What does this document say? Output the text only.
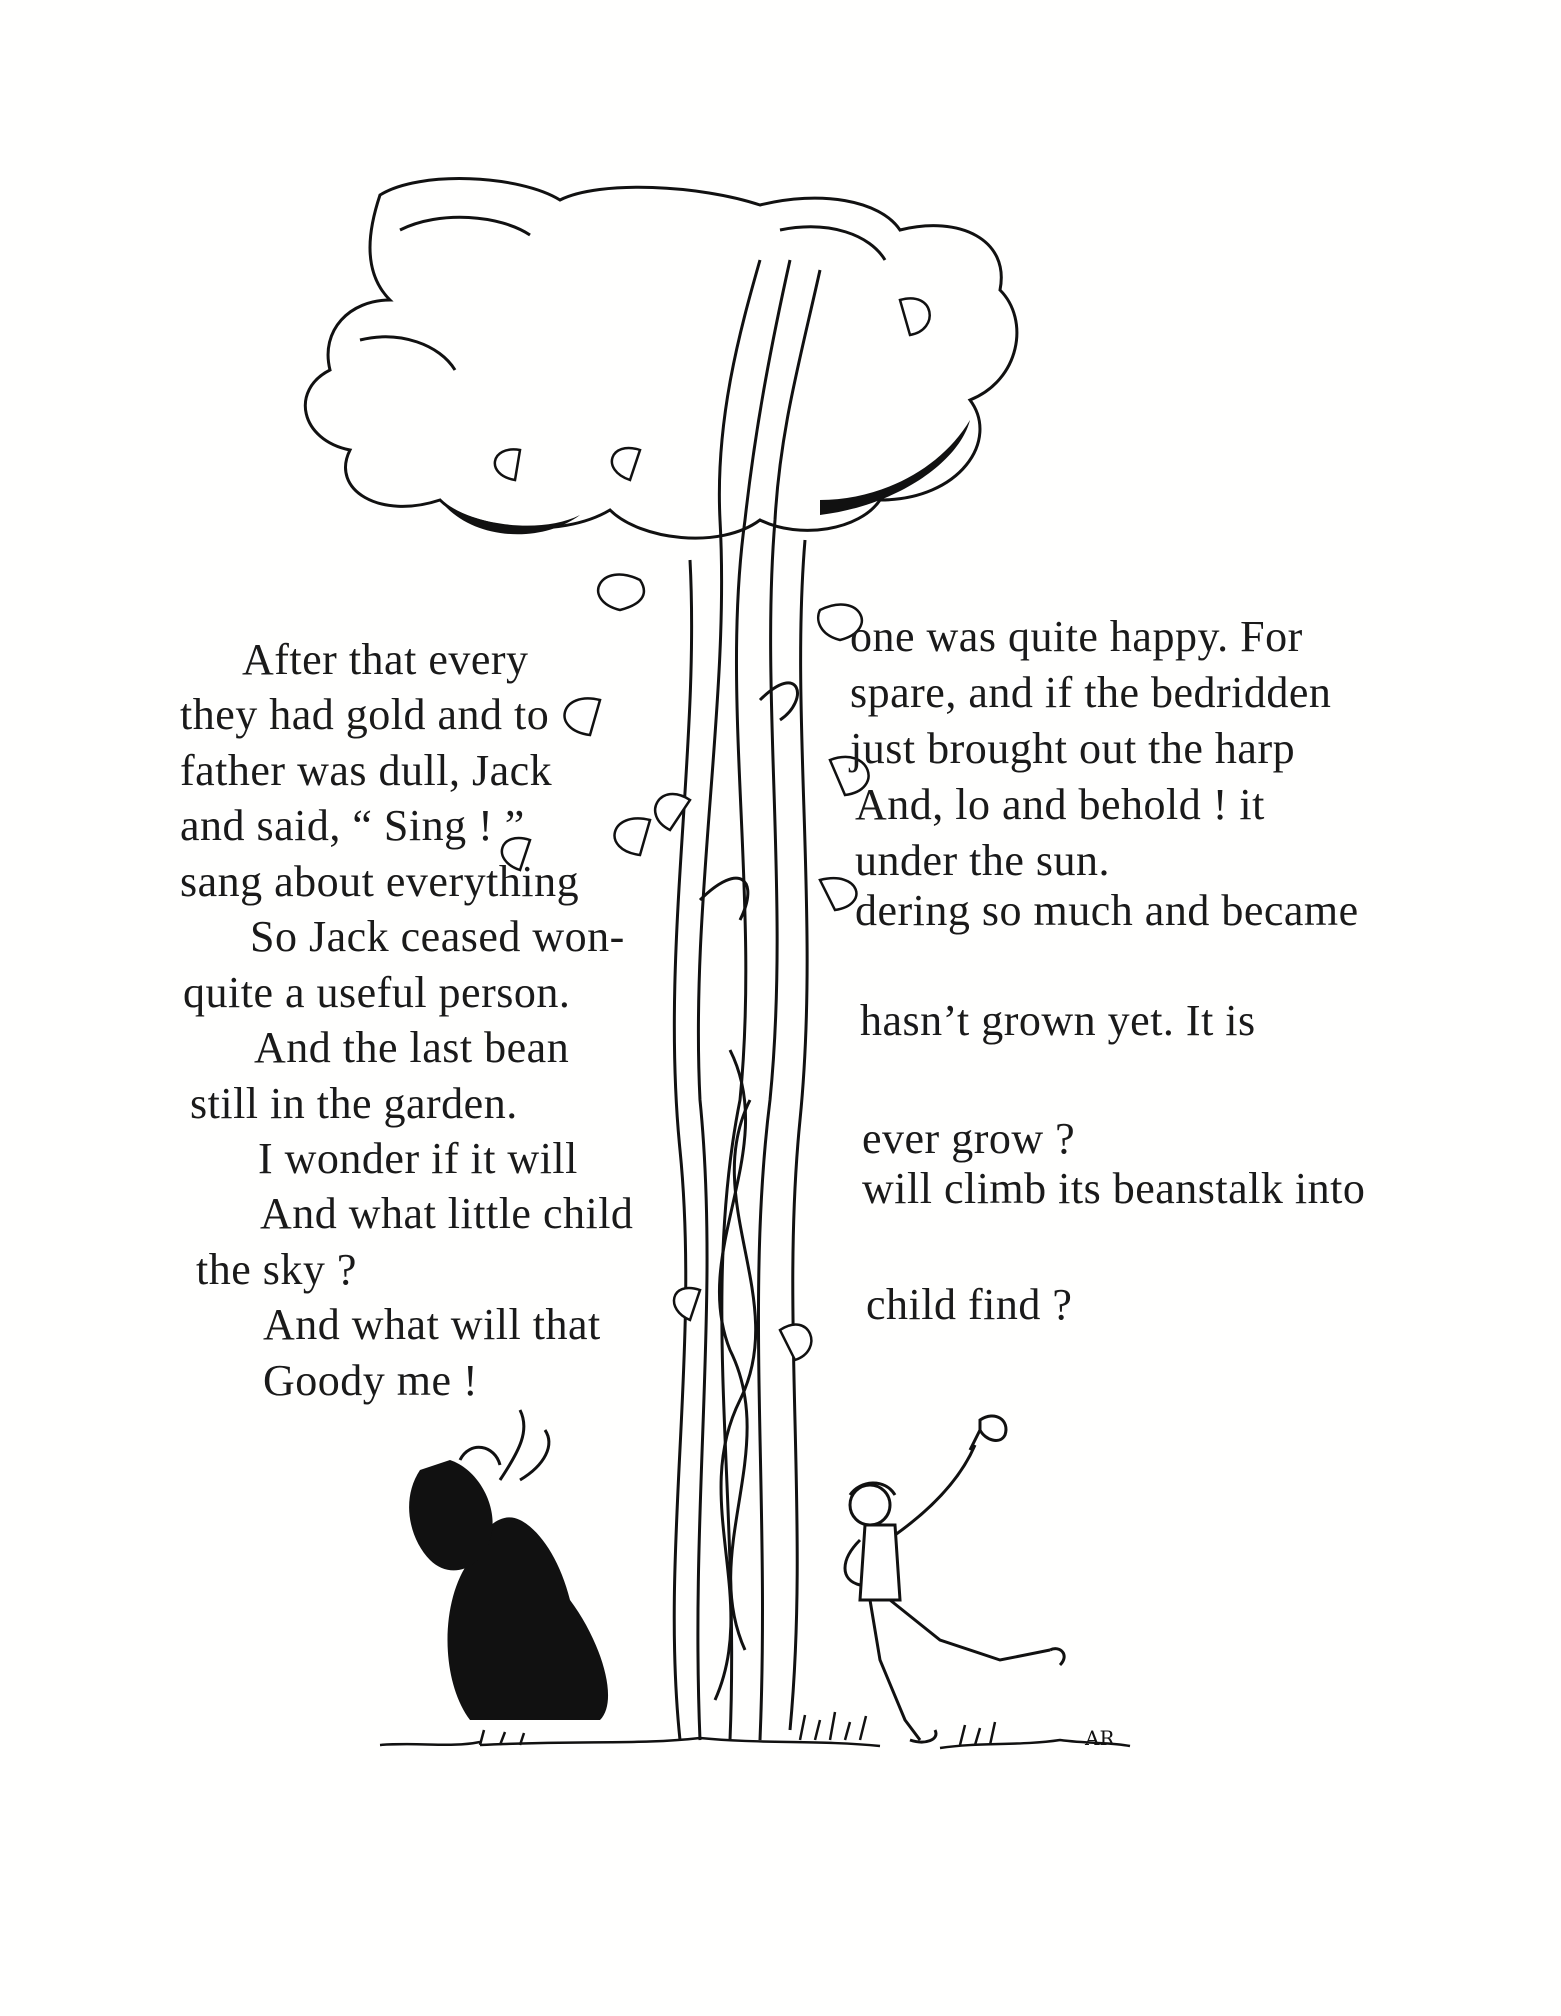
AR
After that every
they had gold and to
father was dull, Jack
and said, “ Sing ! ”
sang about everything
So Jack ceased won-
quite a useful person.
And the last bean
still in the garden.
I wonder if it will
And what little child
the sky ?
And what will that
Goody me !
one was quite happy. For
spare, and if the bedridden
just brought out the harp
And, lo and behold ! it
under the sun.
dering so much and became
hasn’t grown yet. It is
ever grow ?
will climb its beanstalk into
child find ?
